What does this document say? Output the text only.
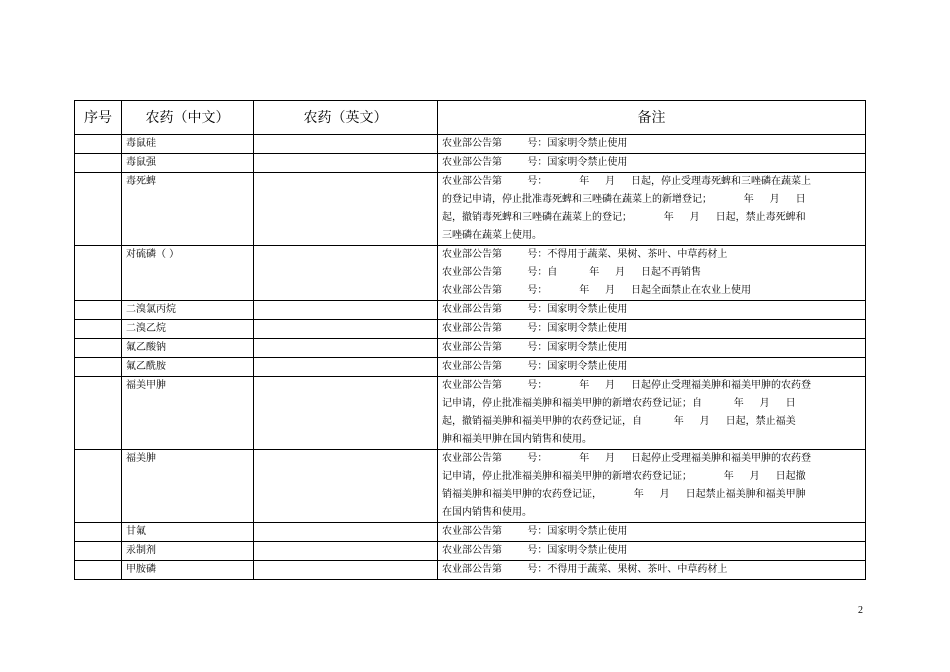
序号	农药（中文）	农药（英文）	备注
	毒鼠硅		农业部公告第        号：国家明令禁止使用
	毒鼠强		农业部公告第        号：国家明令禁止使用
	毒死蜱		农业部公告第        号：          年     月     日起，停止受理毒死蜱和三唑磷在蔬菜上
的登记申请，停止批准毒死蜱和三唑磷在蔬菜上的新增登记；          年     月     日
起，撤销毒死蜱和三唑磷在蔬菜上的登记；          年     月     日起，禁止毒死蜱和
三唑磷在蔬菜上使用。
	对硫磷（ ）		农业部公告第        号：不得用于蔬菜、果树、茶叶、中草药材上
农业部公告第        号：自          年     月     日起不再销售
农业部公告第        号：          年     月     日起全面禁止在农业上使用
	二溴氯丙烷		农业部公告第        号：国家明令禁止使用
	二溴乙烷		农业部公告第        号：国家明令禁止使用
	氟乙酸钠		农业部公告第        号：国家明令禁止使用
	氟乙酰胺		农业部公告第        号：国家明令禁止使用
	福美甲胂		农业部公告第        号：          年     月     日起停止受理福美胂和福美甲胂的农药登
记申请，停止批准福美胂和福美甲胂的新增农药登记证；自          年     月     日
起，撤销福美胂和福美甲胂的农药登记证，自          年     月     日起，禁止福美
胂和福美甲胂在国内销售和使用。
	福美胂		农业部公告第        号：          年     月     日起停止受理福美胂和福美甲胂的农药登
记申请，停止批准福美胂和福美甲胂的新增农药登记证；          年     月     日起撤
销福美胂和福美甲胂的农药登记证，          年     月     日起禁止福美胂和福美甲胂
在国内销售和使用。
	甘氟		农业部公告第        号：国家明令禁止使用
	汞制剂		农业部公告第        号：国家明令禁止使用
	甲胺磷		农业部公告第        号：不得用于蔬菜、果树、茶叶、中草药材上
2
